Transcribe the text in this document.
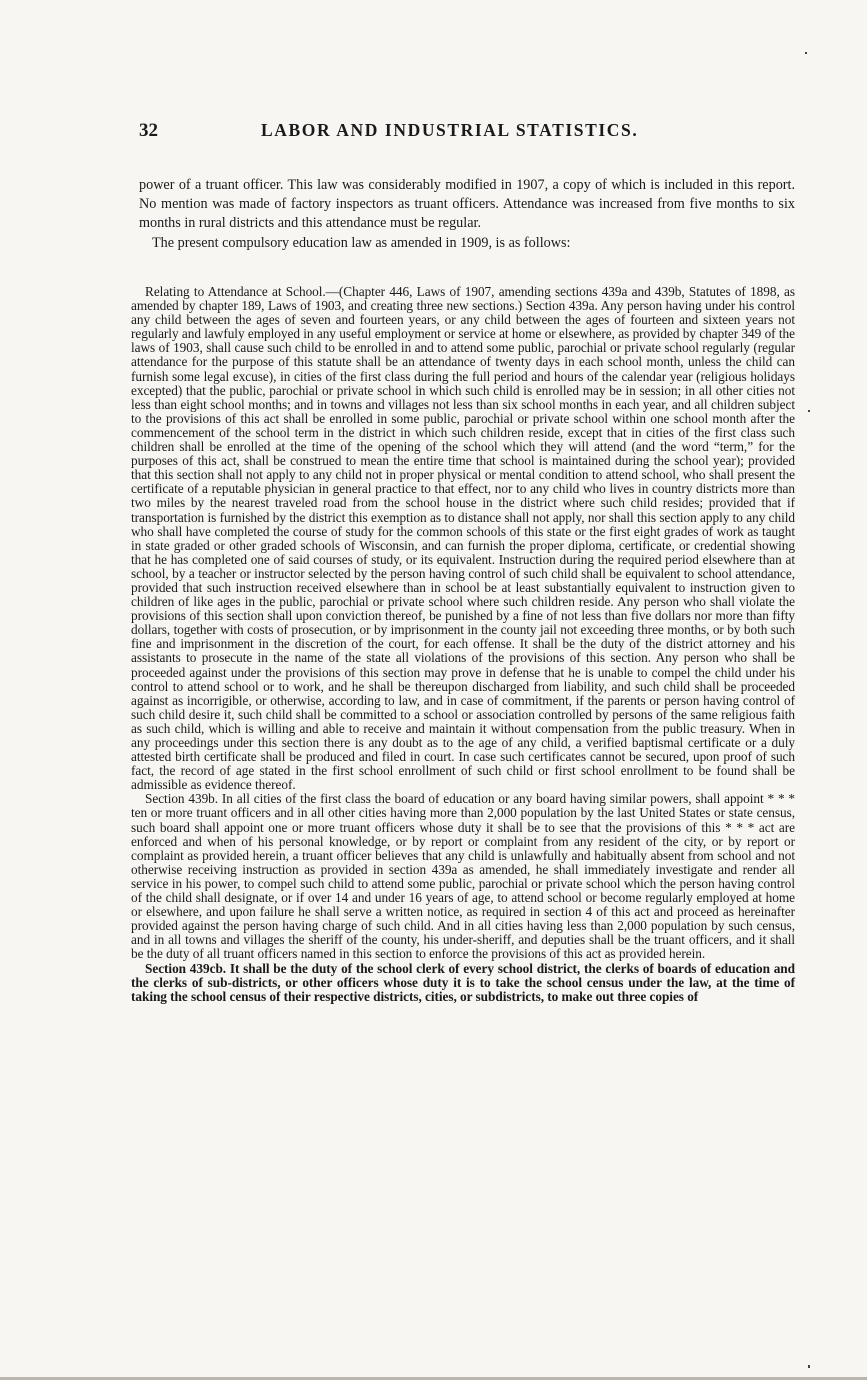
32	LABOR AND INDUSTRIAL STATISTICS.

power of a truant officer. This law was considerably modified in 1907, a copy of which is included in this report. No mention was made of factory inspectors as truant officers. Attendance was increased from five months to six months in rural districts and this attendance must be regular.

The present compulsory education law as amended in 1909, is as follows:

Relating to Attendance at School.—(Chapter 446, Laws of 1907, amending sections 439a and 439b, Statutes of 1898, as amended by chapter 189, Laws of 1903, and creating three new sections.) Section 439a. Any person having under his control any child between the ages of seven and fourteen years, or any child between the ages of fourteen and sixteen years not regularly and lawfuly employed in any useful employment or service at home or elsewhere, as provided by chapter 349 of the laws of 1903, shall cause such child to be enrolled in and to attend some public, parochial or private school regularly (regular attendance for the purpose of this statute shall be an attendance of twenty days in each school month, unless the child can furnish some legal excuse), in cities of the first class during the full period and hours of the calendar year (religious holidays excepted) that the public, parochial or private school in which such child is enrolled may be in session; in all other cities not less than eight school months; and in towns and villages not less than six school months in each year, and all children subject to the provisions of this act shall be enrolled in some public, parochial or private school within one school month after the commencement of the school term in the district in which such children reside, except that in cities of the first class such children shall be enrolled at the time of the opening of the school which they will attend (and the word “term,” for the purposes of this act, shall be construed to mean the entire time that school is maintained during the school year); provided that this section shall not apply to any child not in proper physical or mental condition to attend school, who shall present the certificate of a reputable physician in general practice to that effect, nor to any child who lives in country districts more than two miles by the nearest traveled road from the school house in the district where such child resides; provided that if transportation is furnished by the district this exemption as to distance shall not apply, nor shall this section apply to any child who shall have completed the course of study for the common schools of this state or the first eight grades of work as taught in state graded or other graded schools of Wisconsin, and can furnish the proper diploma, certificate, or credential showing that he has completed one of said courses of study, or its equivalent. Instruction during the required period elsewhere than at school, by a teacher or instructor selected by the person having control of such child shall be equivalent to school attendance, provided that such instruction received elsewhere than in school be at least substantially equivalent to instruction given to children of like ages in the public, parochial or private school where such children reside. Any person who shall violate the provisions of this section shall upon conviction thereof, be punished by a fine of not less than five dollars nor more than fifty dollars, together with costs of prosecution, or by imprisonment in the county jail not exceeding three months, or by both such fine and imprisonment in the discretion of the court, for each offense. It shall be the duty of the district attorney and his assistants to prosecute in the name of the state all violations of the provisions of this section. Any person who shall be proceeded against under the provisions of this section may prove in defense that he is unable to compel the child under his control to attend school or to work, and he shall be thereupon discharged from liability, and such child shall be proceeded against as incorrigible, or otherwise, according to law, and in case of commitment, if the parents or person having control of such child desire it, such child shall be committed to a school or association controlled by persons of the same religious faith as such child, which is willing and able to receive and maintain it without compensation from the public treasury. When in any proceedings under this section there is any doubt as to the age of any child, a verified baptismal certificate or a duly attested birth certificate shall be produced and filed in court. In case such certificates cannot be secured, upon proof of such fact, the record of age stated in the first school enrollment of such child or first school enrollment to be found shall be admissible as evidence thereof.

Section 439b. In all cities of the first class the board of education or any board having similar powers, shall appoint * * * ten or more truant officers and in all other cities having more than 2,000 population by the last United States or state census, such board shall appoint one or more truant officers whose duty it shall be to see that the provisions of this * * * act are enforced and when of his personal knowledge, or by report or complaint from any resident of the city, or by report or complaint as provided herein, a truant officer believes that any child is unlawfully and habitually absent from school and not otherwise receiving instruction as provided in section 439a as amended, he shall immediately investigate and render all service in his power, to compel such child to attend some public, parochial or private school which the person having control of the child shall designate, or if over 14 and under 16 years of age, to attend school or become regularly employed at home or elsewhere, and upon failure he shall serve a written notice, as required in section 4 of this act and proceed as hereinafter provided against the person having charge of such child. And in all cities having less than 2,000 population by such census, and in all towns and villages the sheriff of the county, his under-sheriff, and deputies shall be the truant officers, and it shall be the duty of all truant officers named in this section to enforce the provisions of this act as provided herein.

Section 439cb. It shall be the duty of the school clerk of every school district, the clerks of boards of education and the clerks of sub-districts, or other officers whose duty it is to take the school census under the law, at the time of taking the school census of their respective districts, cities, or subdistricts, to make out three copies of
